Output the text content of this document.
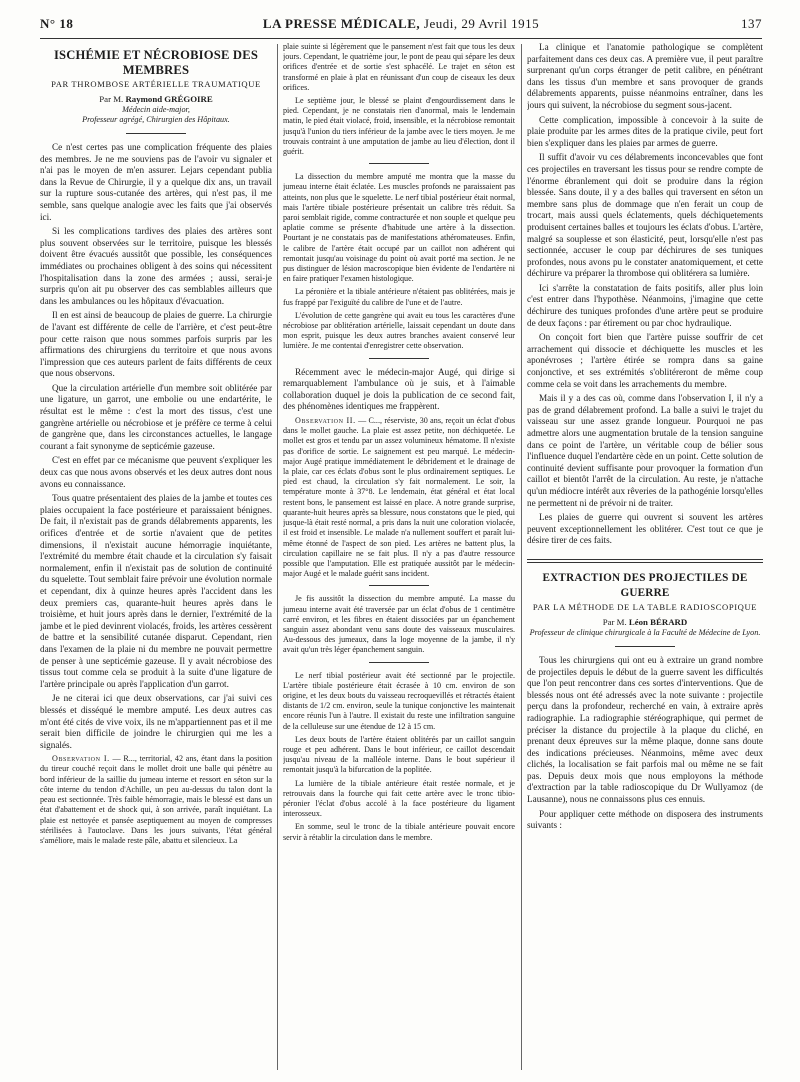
N° 18	LA PRESSE MÉDICALE, Jeudi, 29 Avril 1915	137
ISCHÉMIE ET NÉCROBIOSE DES MEMBRES
PAR THROMBOSE ARTÉRIELLE TRAUMATIQUE
Par M. Raymond GRÉGOIRE
Médecin aide-major,
Professeur agrégé, Chirurgien des Hôpitaux.

Ce n'est certes pas une complication fréquente des plaies des membres. Je ne me souviens pas de l'avoir vu signaler et n'ai pas le moyen de m'en assurer. Lejars cependant publia dans la Revue de Chirurgie, il y a quelque dix ans, un travail sur la rupture sous-cutanée des artères, qui n'est pas, il me semble, sans quelque analogie avec les faits que j'ai observés ici.

Si les complications tardives des plaies des artères sont plus souvent observées sur le territoire, puisque les blessés doivent être évacués aussitôt que possible, les conséquences immédiates ou prochaines obligent à des soins qui nécessitent l'hospitalisation dans la zone des armées ; aussi, serai-je surpris qu'on ait pu observer des cas semblables ailleurs que dans les ambulances ou les hôpitaux d'évacuation.

Il en est ainsi de beaucoup de plaies de guerre. La chirurgie de l'avant est différente de celle de l'arrière, et c'est peut-être pour cette raison que nous sommes parfois surpris par les affirmations des chirurgiens du territoire et que nous avons l'impression que ces auteurs parlent de faits différents de ceux que nous observons.

Que la circulation artérielle d'un membre soit oblitérée par une ligature, un garrot, une embolie ou une endartérite, le résultat est le même : c'est la mort des tissus, c'est une gangrène artérielle ou nécrobiose et je préfère ce terme à celui de gangrène que, dans les circonstances actuelles, le langage courant a fait synonyme de septicémie gazeuse.

C'est en effet par ce mécanisme que peuvent s'expliquer les deux cas que nous avons observés et les deux autres dont nous avons eu connaissance.

Tous quatre présentaient des plaies de la jambe et toutes ces plaies occupaient la face postérieure et paraissaient bénignes. De fait, il n'existait pas de grands délabrements apparents, les orifices d'entrée et de sortie n'avaient que de petites dimensions, il n'existait aucune hémorragie inquiétante, l'extrémité du membre était chaude et la circulation s'y faisait normalement, enfin il n'existait pas de solution de continuité du squelette. Tout semblait faire prévoir une évolution normale et cependant, dix à quinze heures après l'accident dans les deux premiers cas, quarante-huit heures après dans le troisième, et huit jours après dans le dernier, l'extrémité de la jambe et le pied devinrent violacés, froids, les artères cessèrent de battre et la sensibilité cutanée disparut. Cependant, rien dans l'examen de la plaie ni du membre ne pouvait permettre de penser à une septicémie gazeuse. Il y avait nécrobiose des tissus tout comme cela se produit à la suite d'une ligature de l'artère principale ou après l'application d'un garrot.

Je ne citerai ici que deux observations, car j'ai suivi ces blessés et disséqué le membre amputé. Les deux autres cas m'ont été cités de vive voix, ils ne m'appartiennent pas et il me serait bien difficile de joindre le chirurgien qui me les a signalés.

Observation I. — R..., territorial, 42 ans, étant dans la position du tireur couché reçoit dans le mollet droit une balle qui pénètre au bord inférieur de la saillie du jumeau interne et ressort en séton sur la côte interne du tendon d'Achille, un peu au-dessus du talon dont la peau est sectionnée. Très faible hémorragie, mais le blessé est dans un état d'abattement et de shock qui, à son arrivée, paraît inquiétant. La plaie est nettoyée et pansée aseptiquement au moyen de compresses stérilisées à l'autoclave. Dans les jours suivants, l'état général s'améliore, mais le malade reste pâle, abattu et silencieux. La

plaie suinte si légèrement que le pansement n'est fait que tous les deux jours. Cependant, le quatrième jour, le pont de peau qui sépare les deux orifices d'entrée et de sortie s'est sphacélé. Le trajet en séton est transformé en plaie à plat en réunissant d'un coup de ciseaux les deux orifices.

Le septième jour, le blessé se plaint d'engourdissement dans le pied. Cependant, je ne constatais rien d'anormal, mais le lendemain matin, le pied était violacé, froid, insensible, et la nécrobiose remontait jusqu'à l'union du tiers inférieur de la jambe avec le tiers moyen. Je me trouvais contraint à une amputation de jambe au lieu d'élection, dont il guérit.

La dissection du membre amputé me montra que la masse du jumeau interne était éclatée. Les muscles profonds ne paraissaient pas atteints, non plus que le squelette. Le nerf tibial postérieur était normal, mais l'artère tibiale postérieure présentait un calibre très réduit. Sa paroi semblait rigide, comme contracturée et non souple et quelque peu aplatie comme se présente d'habitude une artère à la dissection. Pourtant je ne constatais pas de manifestations athéromateuses. Enfin, le calibre de l'artère était occupé par un caillot non adhérent qui remontait jusqu'au voisinage du point où avait porté ma section. Je ne pus distinguer de lésion macroscopique bien évidente de l'endartère ni en faire pratiquer l'examen histologique.

La péronière et la tibiale antérieure n'étaient pas oblitérées, mais je fus frappé par l'exiguïté du calibre de l'une et de l'autre.

L'évolution de cette gangrène qui avait eu tous les caractères d'une nécrobiose par oblitération artérielle, laissait cependant un doute dans mon esprit, puisque les deux autres branches avaient conservé leur lumière. Je me contentai d'enregistrer cette observation.

Récemment avec le médecin-major Augé, qui dirige si remarquablement l'ambulance où je suis, et à l'aimable collaboration duquel je dois la publication de ce second fait, des phénomènes identiques me frappèrent.

Observation II. — C..., réserviste, 30 ans, reçoit un éclat d'obus dans le mollet gauche. La plaie est assez petite, non déchiquetée. Le mollet est gros et tendu par un assez volumineux hématome. Il n'existe pas d'orifice de sortie. Le saignement est peu marqué. Le médecin-major Augé pratique immédiatement le débridement et le drainage de la plaie, car ces éclats d'obus sont le plus ordinairement septiques. Le pied est chaud, la circulation s'y fait normalement. Le soir, la température monte à 37°8. Le lendemain, état général et état local restent bons, le pansement est laissé en place. A notre grande surprise, quarante-huit heures après sa blessure, nous constatons que le pied, qui jusque-là était resté normal, a pris dans la nuit une coloration violacée, il est froid et insensible. Le malade n'a nullement souffert et paraît lui-même étonné de l'aspect de son pied. Les artères ne battent plus, la circulation capillaire ne se fait plus. Il n'y a pas d'autre ressource possible que l'amputation. Elle est pratiquée aussitôt par le médecin-major Augé et le malade guérit sans incident.

Je fis aussitôt la dissection du membre amputé. La masse du jumeau interne avait été traversée par un éclat d'obus de 1 centimètre carré environ, et les fibres en étaient dissociées par un épanchement sanguin assez abondant venu sans doute des vaisseaux musculaires. Au-dessous des jumeaux, dans la loge moyenne de la jambe, il n'y avait qu'un très léger épanchement sanguin.

Le nerf tibial postérieur avait été sectionné par le projectile. L'artère tibiale postérieure était écrasée à 10 cm. environ de son origine, et les deux bouts du vaisseau recroquevillés et rétractés étaient distants de 1/2 cm. environ, seule la tunique conjonctive les maintenait encore réunis l'un à l'autre. Il existait du reste une infiltration sanguine de la celluleuse sur une étendue de 12 à 15 cm.

Les deux bouts de l'artère étaient oblitérés par un caillot sanguin rouge et peu adhérent. Dans le bout inférieur, ce caillot descendait jusqu'au niveau de la malléole interne. Dans le bout supérieur il remontait jusqu'à la bifurcation de la poplitée.

La lumière de la tibiale antérieure était restée normale, et je retrouvais dans la fourche qui fait cette artère avec le tronc tibio-péronier l'éclat d'obus accolé à la face postérieure du ligament interosseux.

En somme, seul le tronc de la tibiale antérieure pouvait encore servir à rétablir la circulation dans le membre.

La clinique et l'anatomie pathologique se complètent parfaitement dans ces deux cas. A première vue, il peut paraître surprenant qu'un corps étranger de petit calibre, en pénétrant dans les tissus d'un membre et sans provoquer de grands délabrements apparents, puisse néanmoins entraîner, dans les jours qui suivent, la nécrobiose du segment sous-jacent.

Cette complication, impossible à concevoir à la suite de plaie produite par les armes dites de la pratique civile, peut fort bien s'expliquer dans les plaies par armes de guerre.

Il suffit d'avoir vu ces délabrements inconcevables que font ces projectiles en traversant les tissus pour se rendre compte de l'énorme ébranlement qui doit se produire dans la région blessée. Sans doute, il y a des balles qui traversent en séton un membre sans plus de dommage que n'en ferait un coup de trocart, mais aussi quels éclatements, quels déchiquetements produisent certaines balles et toujours les éclats d'obus. L'artère, malgré sa souplesse et son élasticité, peut, lorsqu'elle n'est pas sectionnée, accuser le coup par déchirures de ses tuniques profondes, nous avons pu le constater anatomiquement, et cette déchirure va préparer la thrombose qui oblitérera sa lumière.

Ici s'arrête la constatation de faits positifs, aller plus loin c'est entrer dans l'hypothèse. Néanmoins, j'imagine que cette déchirure des tuniques profondes d'une artère peut se produire de deux façons : par étirement ou par choc hydraulique.

On conçoit fort bien que l'artère puisse souffrir de cet arrachement qui dissocie et déchiquette les muscles et les aponévroses ; l'artère étirée se rompra dans sa gaine conjonctive, et ses extrémités s'oblitéreront de même coup comme cela se voit dans les arrachements du membre.

Mais il y a des cas où, comme dans l'observation I, il n'y a pas de grand délabrement profond. La balle a suivi le trajet du vaisseau sur une assez grande longueur. Pourquoi ne pas admettre alors une augmentation brutale de la tension sanguine dans ce point de l'artère, un véritable coup de bélier sous l'influence duquel l'endartère cède en un point. Cette solution de continuité devient suffisante pour provoquer la formation d'un caillot et bientôt l'arrêt de la circulation. Au reste, je n'attache qu'un médiocre intérêt aux rêveries de la pathogénie lorsqu'elles ne permettent ni de prévoir ni de traiter.

Les plaies de guerre qui ouvrent si souvent les artères peuvent exceptionnellement les oblitérer. C'est tout ce que je désire tirer de ces faits.

EXTRACTION DES PROJECTILES DE GUERRE
PAR LA MÉTHODE DE LA TABLE RADIOSCOPIQUE
Par M. Léon BÉRARD
Professeur de clinique chirurgicale à la Faculté de Médecine de Lyon.

Tous les chirurgiens qui ont eu à extraire un grand nombre de projectiles depuis le début de la guerre savent les difficultés que l'on peut rencontrer dans ces sortes d'interventions. Que de blessés nous ont été adressés avec la note suivante : projectile perçu dans la profondeur, recherché en vain, à extraire après radiographie. La radiographie stéréographique, qui permet de préciser la distance du projectile à la plaque du cliché, en prenant deux épreuves sur la même plaque, donne sans doute des indications précieuses. Néanmoins, même avec deux clichés, la localisation se fait parfois mal ou même ne se fait pas. Depuis deux mois que nous employons la méthode d'extraction par la table radioscopique du Dr Wullyamoz (de Lausanne), nous ne connaissons plus ces ennuis.

Pour appliquer cette méthode on disposera des instruments suivants :
